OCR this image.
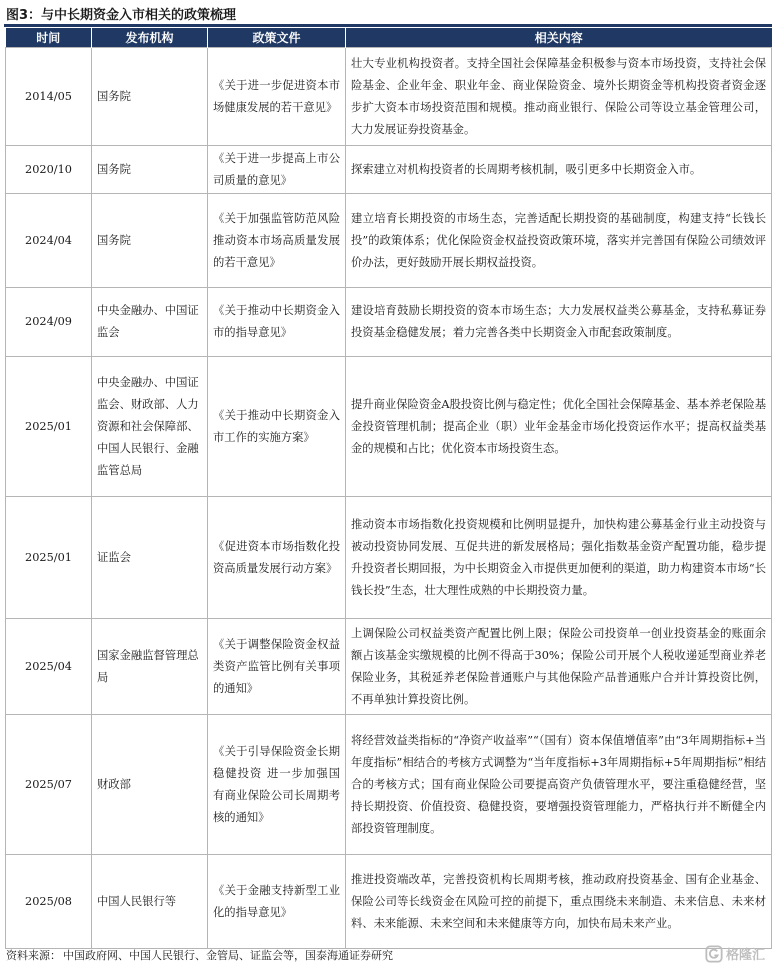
图3：与中长期资金入市相关的政策梳理
时间	发布机构	政策文件	相关内容
2014/05	国务院	《关于进一步促进资本市场健康发展的若干意见》	壮大专业机构投资者。支持全国社会保障基金积极参与资本市场投资，支持社会保险基金、企业年金、职业年金、商业保险资金、境外长期资金等机构投资者资金逐步扩大资本市场投资范围和规模。推动商业银行、保险公司等设立基金管理公司，大力发展证券投资基金。
2020/10	国务院	《关于进一步提高上市公司质量的意见》	探索建立对机构投资者的长周期考核机制，吸引更多中长期资金入市。
2024/04	国务院	《关于加强监管防范风险推动资本市场高质量发展的若干意见》	建立培育长期投资的市场生态，完善适配长期投资的基础制度，构建支持“长钱长投”的政策体系；优化保险资金权益投资政策环境，落实并完善国有保险公司绩效评价办法，更好鼓励开展长期权益投资。
2024/09	中央金融办、中国证监会	《关于推动中长期资金入市的指导意见》	建设培育鼓励长期投资的资本市场生态；大力发展权益类公募基金，支持私募证券投资基金稳健发展；着力完善各类中长期资金入市配套政策制度。
2025/01	中央金融办、中国证监会、财政部、人力资源和社会保障部、中国人民银行、金融监管总局	《关于推动中长期资金入市工作的实施方案》	提升商业保险资金A股投资比例与稳定性；优化全国社会保障基金、基本养老保险基金投资管理机制；提高企业（职）业年金基金市场化投资运作水平；提高权益类基金的规模和占比；优化资本市场投资生态。
2025/01	证监会	《促进资本市场指数化投资高质量发展行动方案》	推动资本市场指数化投资规模和比例明显提升，加快构建公募基金行业主动投资与被动投资协同发展、互促共进的新发展格局；强化指数基金资产配置功能，稳步提升投资者长期回报，为中长期资金入市提供更加便利的渠道，助力构建资本市场“长钱长投”生态，壮大理性成熟的中长期投资力量。
2025/04	国家金融监督管理总局	《关于调整保险资金权益类资产监管比例有关事项的通知》	上调保险公司权益类资产配置比例上限；保险公司投资单一创业投资基金的账面余额占该基金实缴规模的比例不得高于30%；保险公司开展个人税收递延型商业养老保险业务，其税延养老保险普通账户与其他保险产品普通账户合并计算投资比例，不再单独计算投资比例。
2025/07	财政部	《关于引导保险资金长期稳健投资 进一步加强国有商业保险公司长周期考核的通知》	将经营效益类指标的“净资产收益率”“（国有）资本保值增值率”由“3年周期指标+当年度指标”相结合的考核方式调整为“当年度指标+3年周期指标+5年周期指标”相结合的考核方式；国有商业保险公司要提高资产负债管理水平，要注重稳健经营，坚持长期投资、价值投资、稳健投资，要增强投资管理能力，严格执行并不断健全内部投资管理制度。
2025/08	中国人民银行等	《关于金融支持新型工业化的指导意见》	推进投资端改革，完善投资机构长周期考核，推动政府投资基金、国有企业基金、保险公司等长线资金在风险可控的前提下，重点围绕未来制造、未来信息、未来材料、未来能源、未来空间和未来健康等方向，加快布局未来产业。
资料来源： 中国政府网、中国人民银行、金管局、证监会等，国泰海通证券研究	格隆汇
